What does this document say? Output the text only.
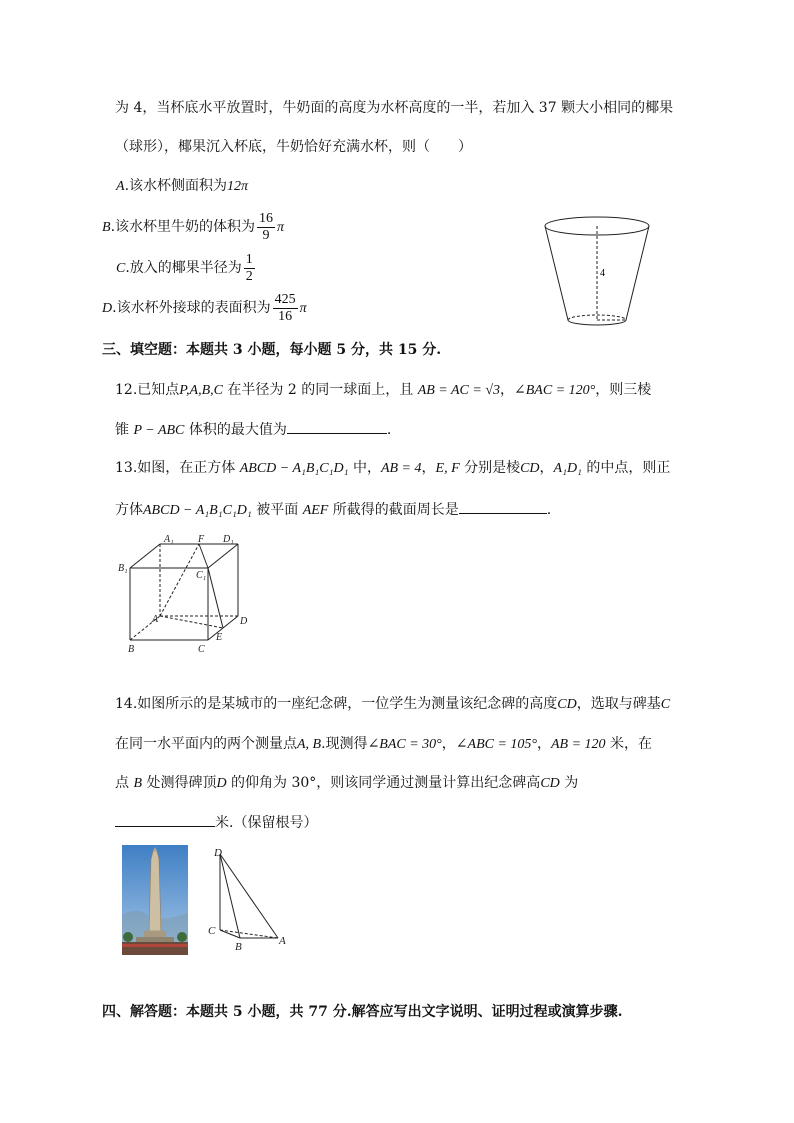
为 4，当杯底水平放置时，牛奶面的高度为水杯高度的一半，若加入 37 颗大小相同的椰果
（球形），椰果沉入杯底，牛奶恰好充满水杯，则（　　）
A.该水杯侧面积为12π
B.该水杯里牛奶的体积为 $\frac{16}{9}$ π
C.放入的椰果半径为 $\frac{1}{2}$
D.该水杯外接球的表面积为 $\frac{425}{16}$ π
4
三、填空题：本题共 3 小题，每小题 5 分，共 15 分.
12.已知点P,A,B,C 在半径为 2 的同一球面上，且 AB = AC = √3，∠BAC = 120°，则三棱
锥 P − ABC 体积的最大值为	.
13.如图，在正方体 ABCD − A₁B₁C₁D₁ 中，AB = 4，E, F 分别是棱CD，A₁D₁ 的中点，则正
方体ABCD − A₁B₁C₁D₁ 被平面 AEF 所截得的截面周长是	.
A₁ F D₁
B₁
C₁
A	D
E
B	C
14.如图所示的是某城市的一座纪念碑，一位学生为测量该纪念碑的高度CD，选取与碑基C
在同一水平面内的两个测量点A, B.现测得∠BAC = 30°，∠ABC = 105°，AB = 120 米，在
点 B 处测得碑顶D 的仰角为 30°，则该同学通过测量计算出纪念碑高CD 为
米.（保留根号）
D
C
B	A
四、解答题：本题共 5 小题，共 77 分.解答应写出文字说明、证明过程或演算步骤.
